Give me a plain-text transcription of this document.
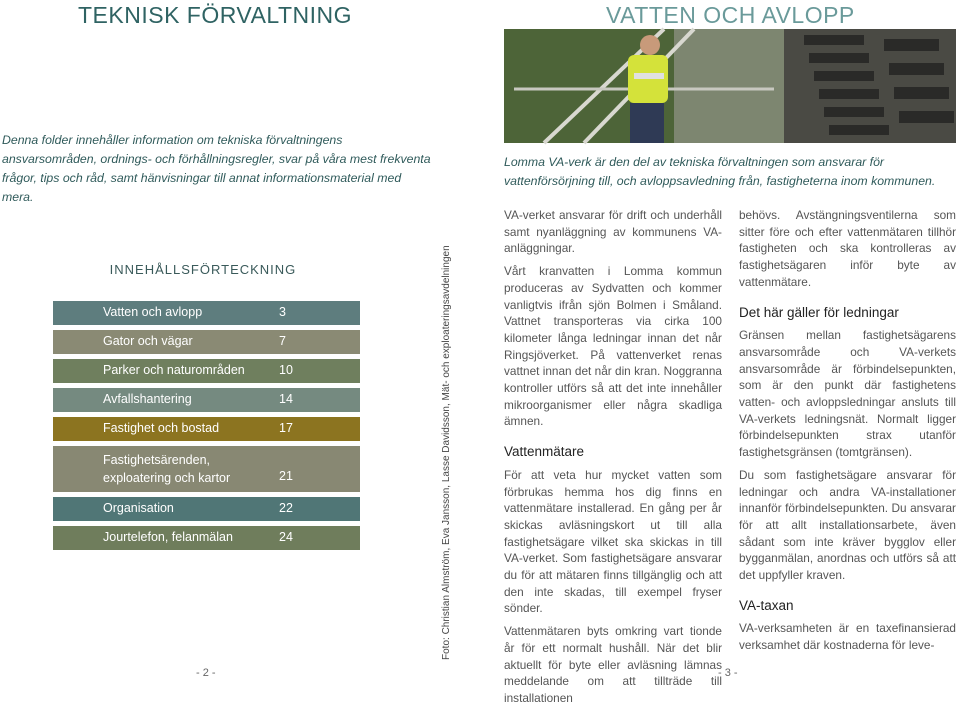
TEKNISK FÖRVALTNING	VATTEN OCH AVLOPP
Denna folder innehåller information om tekniska förvaltningens ansvarsområden, ordnings- och förhållningsregler, svar på våra mest frekventa frågor, tips och råd, samt hänvisningar till annat informationsmaterial med mera.
Lomma VA-verk är den del av tekniska förvaltningen som ansvarar för vattenförsörjning till, och avloppsavledning från, fastigheterna inom kommunen.
INNEHÅLLSFÖRTECKNING
Vatten och avlopp	3
Gator och vägar	7
Parker och naturområden	10
Avfallshantering	14
Fastighet och bostad	17
Fastighetsärenden, exploatering och kartor	21
Organisation	22
Jourtelefon, felanmälan	24	Foto: Christian Almström, Eva Jansson, Lasse Davidsson, Mät- och exploateringsavdelningen

VA-verket ansvarar för drift och underhåll samt nyanläggning av kommunens VA-anläggningar.

Vårt kranvatten i Lomma kommun produceras av Sydvatten och kommer vanligtvis ifrån sjön Bolmen i Småland. Vattnet transporteras via cirka 100 kilometer långa ledningar innan det når Ringsjöverket. På vattenverket renas vattnet innan det når din kran. Noggranna kontroller utförs så att det inte innehåller mikroorganismer eller några skadliga ämnen.

Vattenmätare

För att veta hur mycket vatten som förbrukas hemma hos dig finns en vattenmätare installerad. En gång per år skickas avläsningskort ut till alla fastighetsägare vilket ska skickas in till VA-verket. Som fastighetsägare ansvarar du för att mätaren finns tillgänglig och att den inte skadas, till exempel fryser sönder.

Vattenmätaren byts omkring vart tionde år för ett normalt hushåll. När det blir aktuellt för byte eller avläsning lämnas meddelande om att tillträde till installationen

behövs. Avstängningsventilerna som sitter före och efter vattenmätaren tillhör fastigheten och ska kontrolleras av fastighetsägaren inför byte av vattenmätare.

Det här gäller för ledningar

Gränsen mellan fastighetsägarens ansvarsområde och VA-verkets ansvarsområde är förbindelsepunkten, som är den punkt där fastighetens vatten- och avloppsledningar ansluts till VA-verkets ledningsnät. Normalt ligger förbindelsepunkten strax utanför fastighetsgränsen (tomtgränsen).

Du som fastighetsägare ansvarar för ledningar och andra VA-installationer innanför förbindelsepunkten. Du ansvarar för att allt installationsarbete, även sådant som inte kräver bygglov eller bygganmälan, anordnas och utförs så att det uppfyller kraven.

VA-taxan

VA-verksamheten är en taxefinansierad verksamhet där kostnaderna för leve-

- 2 -	- 3 -
